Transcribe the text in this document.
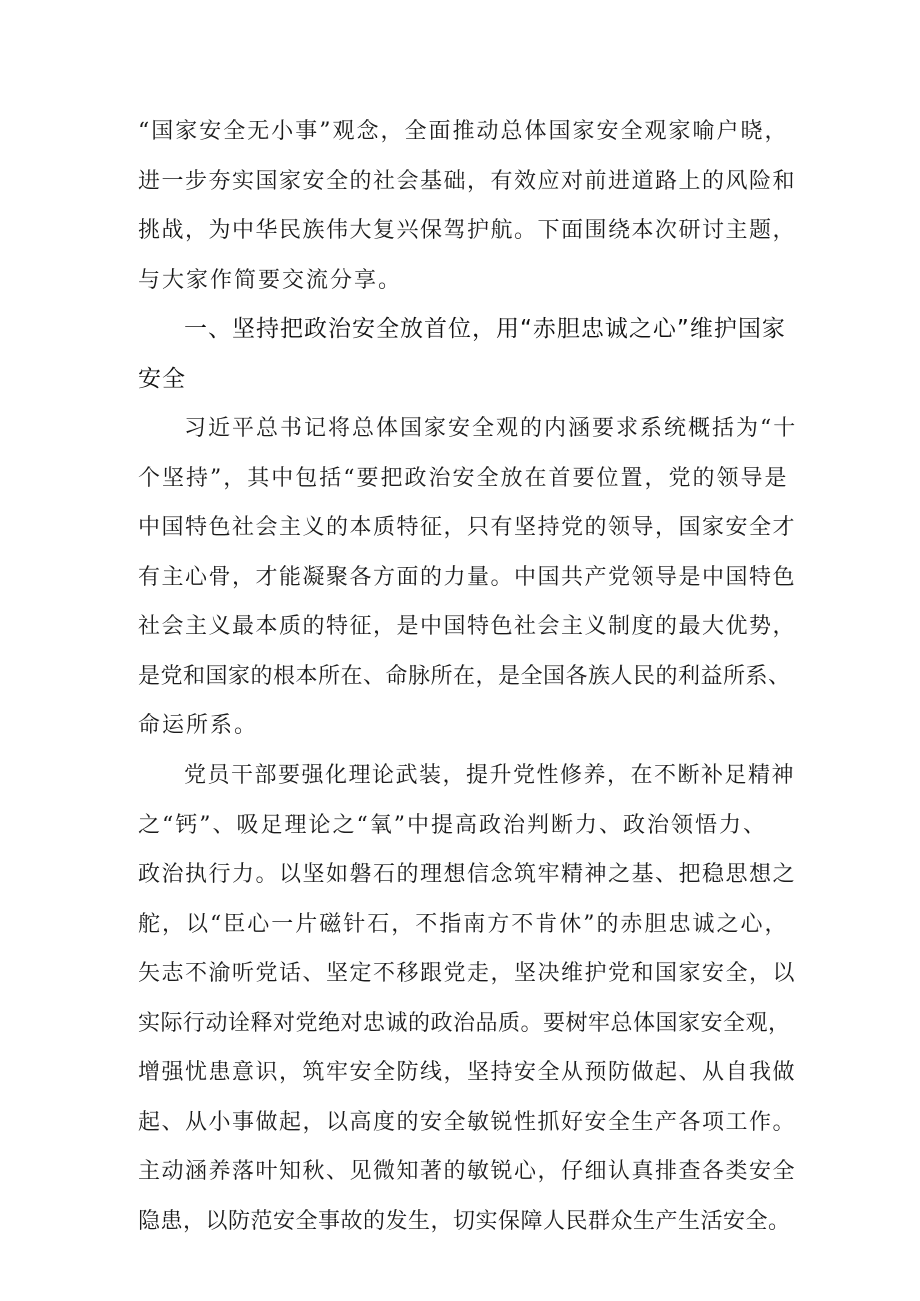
“国家安全无小事”观念，全面推动总体国家安全观家喻户晓，
进一步夯实国家安全的社会基础，有效应对前进道路上的风险和
挑战，为中华民族伟大复兴保驾护航。下面围绕本次研讨主题，
与大家作简要交流分享。
一、坚持把政治安全放首位，用“赤胆忠诚之心”维护国家
安全
习近平总书记将总体国家安全观的内涵要求系统概括为“十
个坚持”，其中包括“要把政治安全放在首要位置，党的领导是
中国特色社会主义的本质特征，只有坚持党的领导，国家安全才
有主心骨，才能凝聚各方面的力量。中国共产党领导是中国特色
社会主义最本质的特征，是中国特色社会主义制度的最大优势，
是党和国家的根本所在、命脉所在，是全国各族人民的利益所系、
命运所系。
党员干部要强化理论武装，提升党性修养，在不断补足精神
之“钙”、吸足理论之“氧”中提高政治判断力、政治领悟力、
政治执行力。以坚如磐石的理想信念筑牢精神之基、把稳思想之
舵，以“臣心一片磁针石，不指南方不肯休”的赤胆忠诚之心，
矢志不渝听党话、坚定不移跟党走，坚决维护党和国家安全，以
实际行动诠释对党绝对忠诚的政治品质。要树牢总体国家安全观，
增强忧患意识，筑牢安全防线，坚持安全从预防做起、从自我做
起、从小事做起，以高度的安全敏锐性抓好安全生产各项工作。
主动涵养落叶知秋、见微知著的敏锐心，仔细认真排查各类安全
隐患，以防范安全事故的发生，切实保障人民群众生产生活安全。
